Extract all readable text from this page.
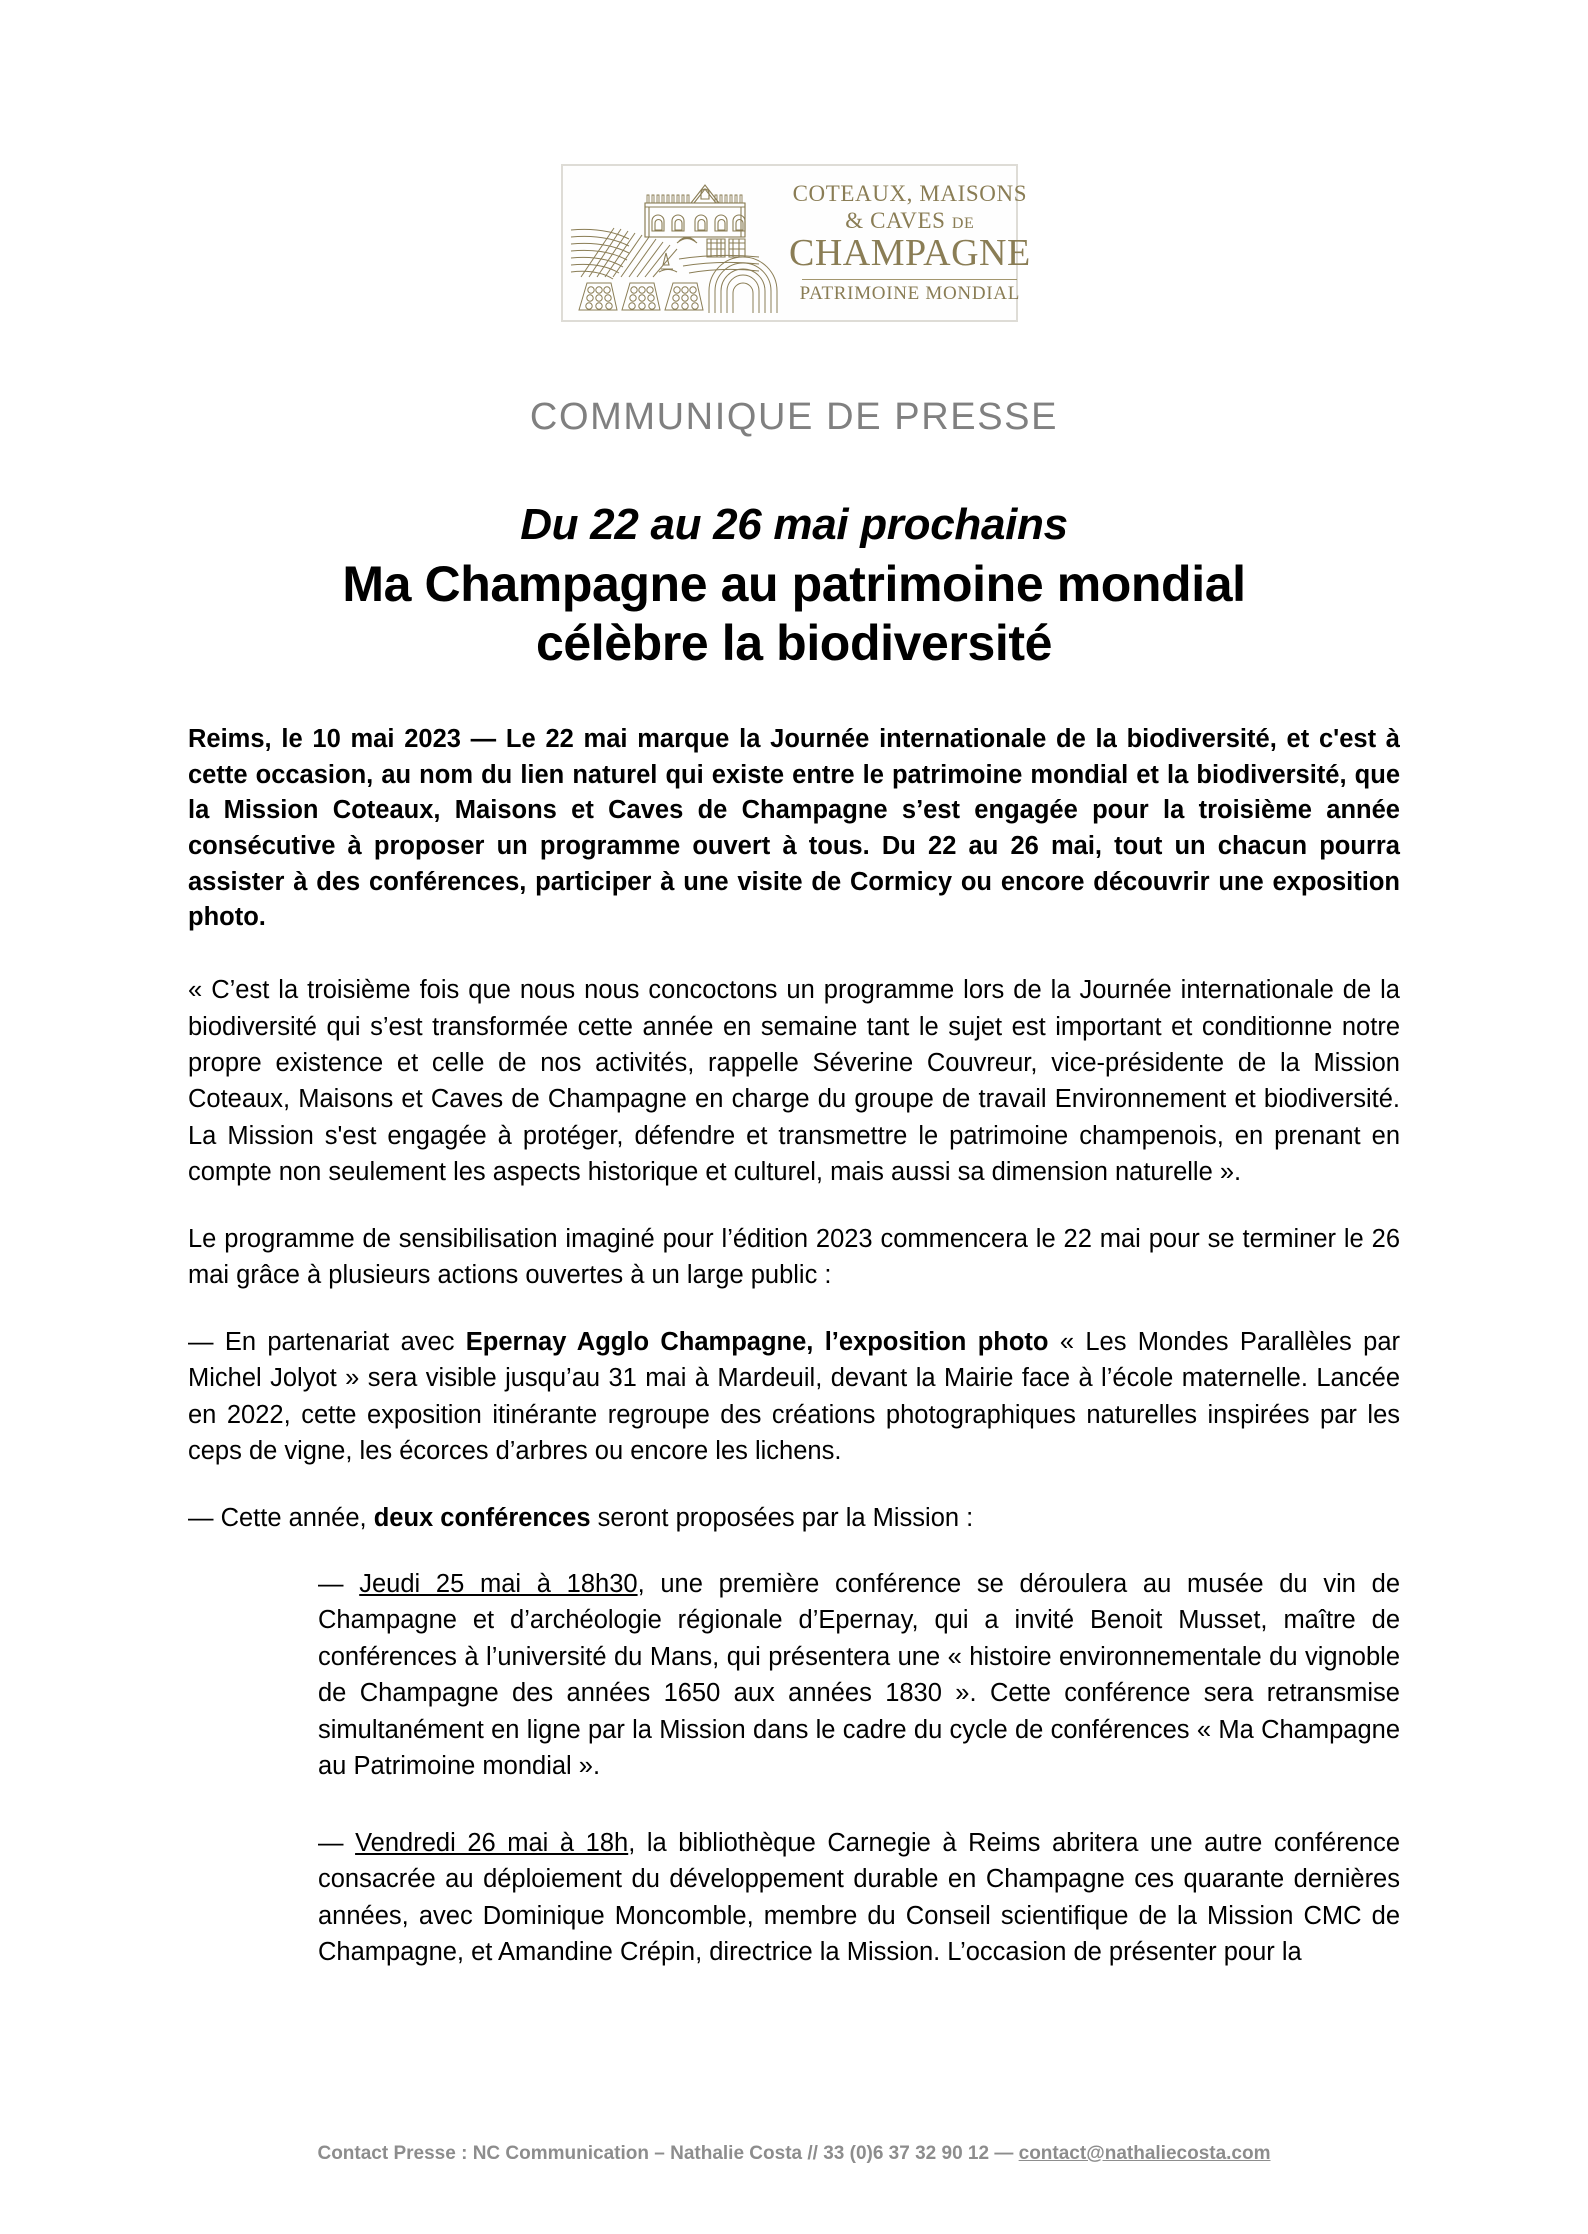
COTEAUX, MAISONS
& CAVES DE
CHAMPAGNE
PATRIMOINE MONDIAL
COMMUNIQUE DE PRESSE
Du 22 au 26 mai prochains
Ma Champagne au patrimoine mondial
célèbre la biodiversité

Reims, le 10 mai 2023 — Le 22 mai marque la Journée internationale de la biodiversité, et c'est à cette occasion, au nom du lien naturel qui existe entre le patrimoine mondial et la biodiversité, que la Mission Coteaux, Maisons et Caves de Champagne s’est engagée pour la troisième année consécutive à proposer un programme ouvert à tous. Du 22 au 26 mai, tout un chacun pourra assister à des conférences, participer à une visite de Cormicy ou encore découvrir une exposition photo.

« C’est la troisième fois que nous nous concoctons un programme lors de la Journée internationale de la biodiversité qui s’est transformée cette année en semaine tant le sujet est important et conditionne notre propre existence et celle de nos activités, rappelle Séverine Couvreur, vice-présidente de la Mission Coteaux, Maisons et Caves de Champagne en charge du groupe de travail Environnement et biodiversité. La Mission s'est engagée à protéger, défendre et transmettre le patrimoine champenois, en prenant en compte non seulement les aspects historique et culturel, mais aussi sa dimension naturelle ».

Le programme de sensibilisation imaginé pour l’édition 2023 commencera le 22 mai pour se terminer le 26 mai grâce à plusieurs actions ouvertes à un large public :

— En partenariat avec Epernay Agglo Champagne, l’exposition photo « Les Mondes Parallèles par Michel Jolyot » sera visible jusqu’au 31 mai à Mardeuil, devant la Mairie face à l’école maternelle. Lancée en 2022, cette exposition itinérante regroupe des créations photographiques naturelles inspirées par les ceps de vigne, les écorces d’arbres ou encore les lichens.

— Cette année, deux conférences seront proposées par la Mission :

— Jeudi 25 mai à 18h30, une première conférence se déroulera au musée du vin de Champagne et d’archéologie régionale d’Epernay, qui a invité Benoit Musset, maître de conférences à l’université du Mans, qui présentera une « histoire environnementale du vignoble de Champagne des années 1650 aux années 1830 ». Cette conférence sera retransmise simultanément en ligne par la Mission dans le cadre du cycle de conférences « Ma Champagne au Patrimoine mondial ».

— Vendredi 26 mai à 18h, la bibliothèque Carnegie à Reims abritera une autre conférence consacrée au déploiement du développement durable en Champagne ces quarante dernières années, avec Dominique Moncomble, membre du Conseil scientifique de la Mission CMC de Champagne, et Amandine Crépin, directrice la Mission. L’occasion de présenter pour la

Contact Presse : NC Communication – Nathalie Costa // 33 (0)6 37 32 90 12 — contact@nathaliecosta.com
